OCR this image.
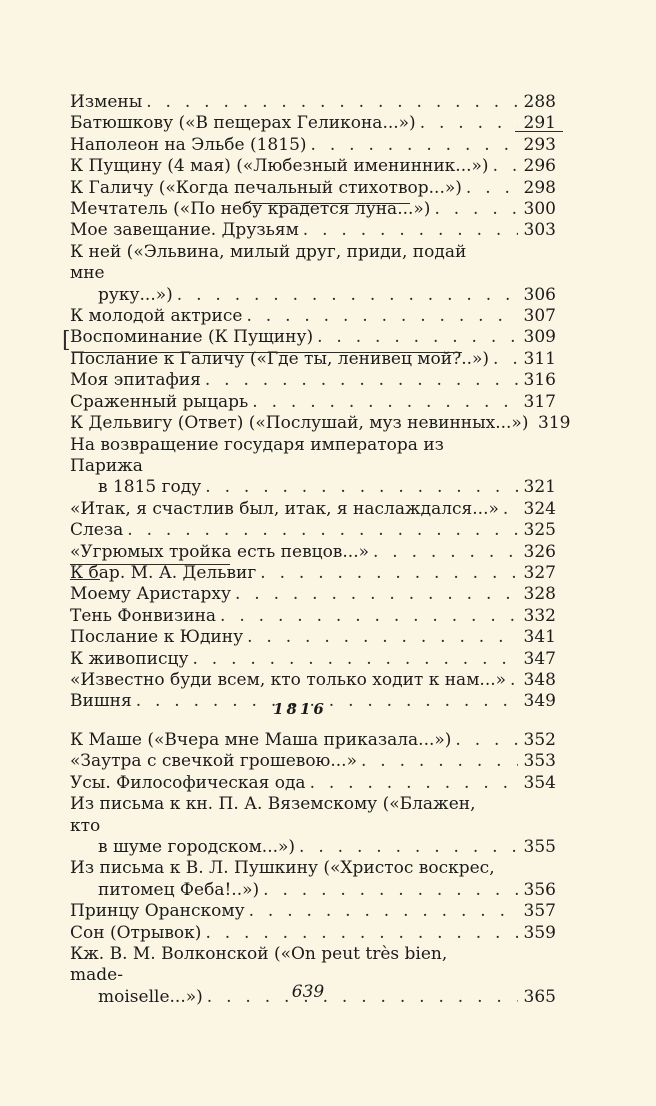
Измены . . .	288
Батюшкову («В пещерах Геликона...») . . .	291
Наполеон на Эльбе (1815) . . .	293
К Пущину (4 мая) («Любезный именинник...») . . . 296
К Галичу («Когда печальный стихотвор...») . . .	298
Мечтатель («По небу крадется луна...») . . .	300
Мое завещание. Друзьям . . .	303
К ней («Эльвина, милый друг, приди, подай мне
руку...») . . .	306
К молодой актрисе . . .	307
Воспоминание (К Пущину) . . .	309
Послание к Галичу («Где ты, ленивец мой?..») . . . 311
Моя эпитафия . . .	316
Сраженный рыцарь . . .	317
К Дельвигу (Ответ) («Послушай, муз невинных...») 319
На возвращение государя императора из Парижа
в 1815 году . . .	321
«Итак, я счастлив был, итак, я наслаждался...» . . . 324
Слеза . . .	325
«Угрюмых тройка есть певцов...» . . .	326
К бар. М. А. Дельвиг . . .	327
Моему Аристарху . . .	328
Тень Фонвизина . . .	332
Послание к Юдину . . .	341
К живописцу . . .	347
«Известно буди всем, кто только ходит к нам...» . . . 348
Вишня . . .	349
1816
К Маше («Вчера мне Маша приказала...») . . .	352
«Заутра с свечкой грошевою...» . . .	353
Усы. Философическая ода . . .	354
Из письма к кн. П. А. Вяземскому («Блажен, кто
в шуме городском...») . . .	355
Из письма к В. Л. Пушкину («Христос воскрес,
питомец Феба!..») . . .	356
Принцу Оранскому . . .	357
Сон (Отрывок) . . .	359
Кж. В. М. Волконской («On peut très bien, made-
moiselle...») . . .	365
[
639
